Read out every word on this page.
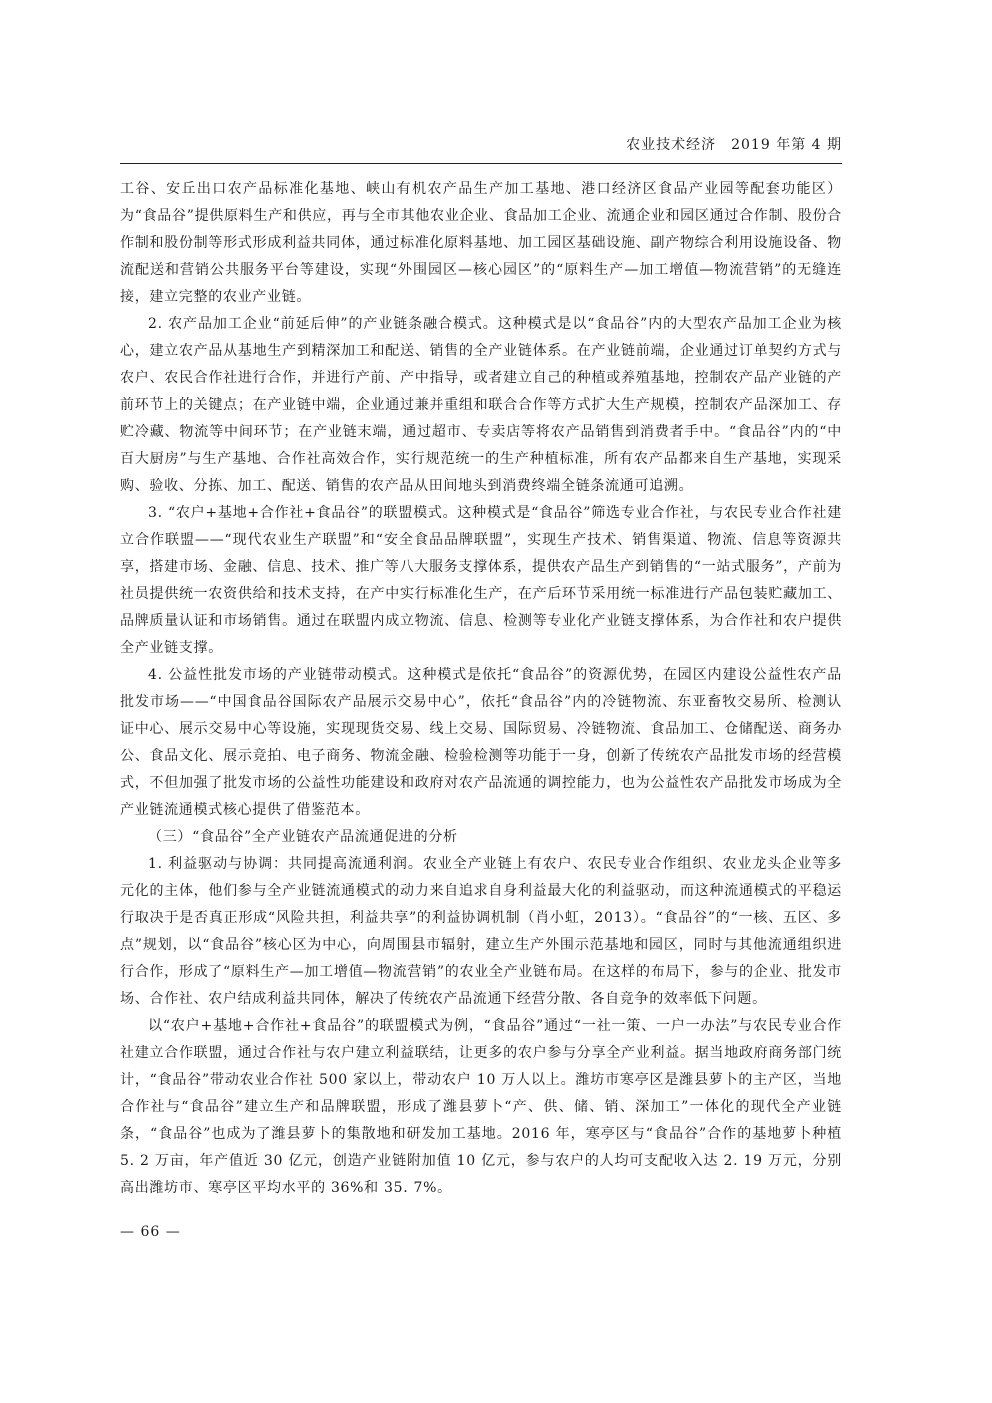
农业技术经济　2019 年第 4 期

工谷、安丘出口农产品标准化基地、峡山有机农产品生产加工基地、港口经济区食品产业园等配套功能区）为“食品谷”提供原料生产和供应，再与全市其他农业企业、食品加工企业、流通企业和园区通过合作制、股份合作制和股份制等形式形成利益共同体，通过标准化原料基地、加工园区基础设施、副产物综合利用设施设备、物流配送和营销公共服务平台等建设，实现“外围园区—核心园区”的“原料生产—加工增值—物流营销”的无缝连接，建立完整的农业产业链。

2. 农产品加工企业“前延后伸”的产业链条融合模式。这种模式是以“食品谷”内的大型农产品加工企业为核心，建立农产品从基地生产到精深加工和配送、销售的全产业链体系。在产业链前端，企业通过订单契约方式与农户、农民合作社进行合作，并进行产前、产中指导，或者建立自己的种植或养殖基地，控制农产品产业链的产前环节上的关键点；在产业链中端，企业通过兼并重组和联合合作等方式扩大生产规模，控制农产品深加工、存贮冷藏、物流等中间环节；在产业链末端，通过超市、专卖店等将农产品销售到消费者手中。“食品谷”内的“中百大厨房”与生产基地、合作社高效合作，实行规范统一的生产种植标准，所有农产品都来自生产基地，实现采购、验收、分拣、加工、配送、销售的农产品从田间地头到消费终端全链条流通可追溯。

3. “农户+基地+合作社+食品谷”的联盟模式。这种模式是“食品谷”筛选专业合作社，与农民专业合作社建立合作联盟——“现代农业生产联盟”和“安全食品品牌联盟”，实现生产技术、销售渠道、物流、信息等资源共享，搭建市场、金融、信息、技术、推广等八大服务支撑体系，提供农产品生产到销售的“一站式服务”，产前为社员提供统一农资供给和技术支持，在产中实行标准化生产，在产后环节采用统一标准进行产品包装贮藏加工、品牌质量认证和市场销售。通过在联盟内成立物流、信息、检测等专业化产业链支撑体系，为合作社和农户提供全产业链支撑。

4. 公益性批发市场的产业链带动模式。这种模式是依托“食品谷”的资源优势，在园区内建设公益性农产品批发市场——“中国食品谷国际农产品展示交易中心”，依托“食品谷”内的冷链物流、东亚畜牧交易所、检测认证中心、展示交易中心等设施，实现现货交易、线上交易、国际贸易、冷链物流、食品加工、仓储配送、商务办公、食品文化、展示竞拍、电子商务、物流金融、检验检测等功能于一身，创新了传统农产品批发市场的经营模式，不但加强了批发市场的公益性功能建设和政府对农产品流通的调控能力，也为公益性农产品批发市场成为全产业链流通模式核心提供了借鉴范本。

（三）“食品谷”全产业链农产品流通促进的分析

1. 利益驱动与协调：共同提高流通利润。农业全产业链上有农户、农民专业合作组织、农业龙头企业等多元化的主体，他们参与全产业链流通模式的动力来自追求自身利益最大化的利益驱动，而这种流通模式的平稳运行取决于是否真正形成“风险共担，利益共享”的利益协调机制（肖小虹，2013）。“食品谷”的“一核、五区、多点”规划，以“食品谷”核心区为中心，向周围县市辐射，建立生产外围示范基地和园区，同时与其他流通组织进行合作，形成了“原料生产—加工增值—物流营销”的农业全产业链布局。在这样的布局下，参与的企业、批发市场、合作社、农户结成利益共同体，解决了传统农产品流通下经营分散、各自竞争的效率低下问题。

以“农户+基地+合作社+食品谷”的联盟模式为例，“食品谷”通过“一社一策、一户一办法”与农民专业合作社建立合作联盟，通过合作社与农户建立利益联结，让更多的农户参与分享全产业利益。据当地政府商务部门统计，“食品谷”带动农业合作社 500 家以上，带动农户 10 万人以上。潍坊市寒亭区是潍县萝卜的主产区，当地合作社与“食品谷”建立生产和品牌联盟，形成了潍县萝卜“产、供、储、销、深加工”一体化的现代全产业链条，“食品谷”也成为了潍县萝卜的集散地和研发加工基地。2016 年，寒亭区与“食品谷”合作的基地萝卜种植 5. 2 万亩，年产值近 30 亿元，创造产业链附加值 10 亿元，参与农户的人均可支配收入达 2. 19 万元，分别高出潍坊市、寒亭区平均水平的 36%和 35. 7%。

— 66 —
